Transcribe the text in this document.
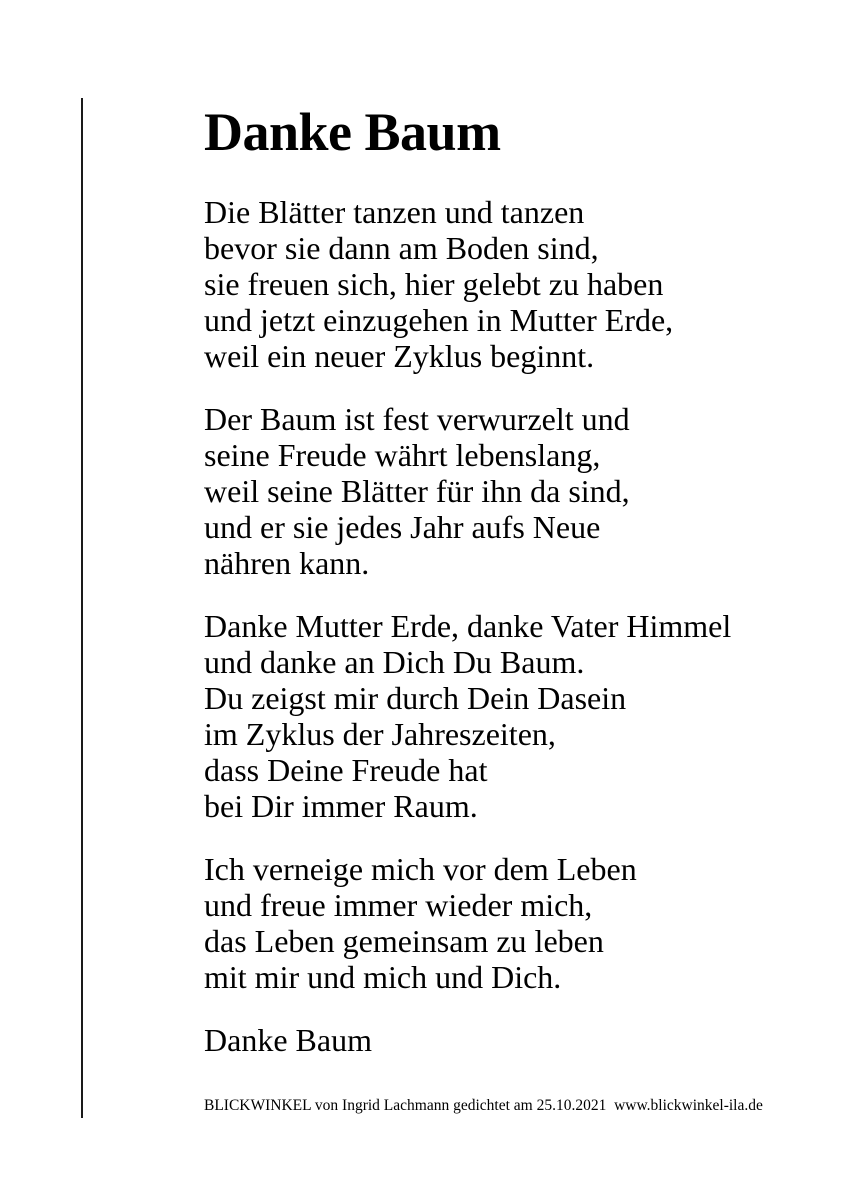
Danke Baum
Die Blätter tanzen und tanzen
bevor sie dann am Boden sind,
sie freuen sich, hier gelebt zu haben
und jetzt einzugehen in Mutter Erde,
weil ein neuer Zyklus beginnt.
Der Baum ist fest verwurzelt und
seine Freude währt lebenslang,
weil seine Blätter für ihn da sind,
und er sie jedes Jahr aufs Neue
nähren kann.
Danke Mutter Erde, danke Vater Himmel
und danke an Dich Du Baum.
Du zeigst mir durch Dein Dasein
im Zyklus der Jahreszeiten,
dass Deine Freude hat
bei Dir immer Raum.
Ich verneige mich vor dem Leben
und freue immer wieder mich,
das Leben gemeinsam zu leben
mit mir und mich und Dich.

Danke Baum

BLICKWINKEL von Ingrid Lachmann gedichtet am 25.10.2021  www.blickwinkel-ila.de
